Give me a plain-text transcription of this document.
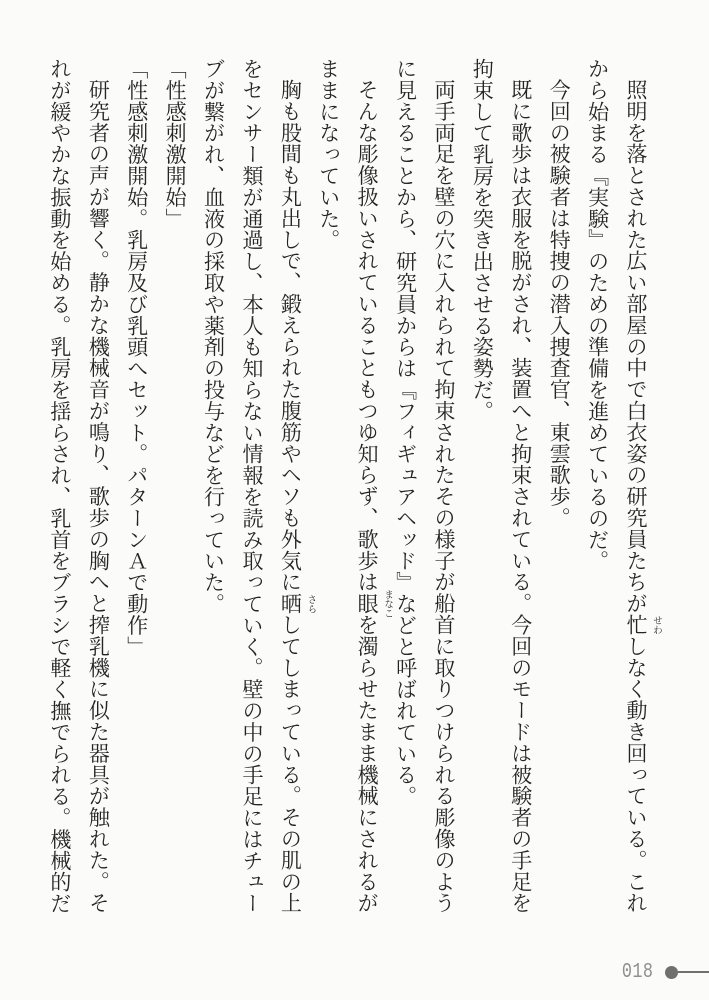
照明を落とされた広い部屋の中で白衣姿の研究員たちが忙 せわ
しなく動き回っている。これ
から始まる『実験』のための準備を進めているのだ。
今回の被験者は特捜の潜入捜査官、東雲歌歩。
既に歌歩は衣服を脱がされ、装置へと拘束されている。今回のモードは被験者の手足を
拘束して乳房を突き出させる姿勢だ。
両手両足を壁の穴に入れられて拘束されたその様子が船首に取りつけられる彫像のよう
に見えることから、研究員からは『フィギュアヘッド』などと呼ばれている。
そんな彫像扱いされていることもつゆ知らず、歌歩は眼 まなこ
を濁らせたまま機械にされるが
ままになっていた。
胸も股間も丸出しで、鍛えられた腹筋やヘソも外気に晒 さら
してしまっている。その肌の上
をセンサー類が通過し、本人も知らない情報を読み取っていく。壁の中の手足にはチュー
ブが繋がれ、血液の採取や薬剤の投与などを行っていた。
「性感刺激開始」
「性感刺激開始。乳房及び乳頭へセット。パターンＡで動作」
研究者の声が響く。静かな機械音が鳴り、歌歩の胸へと搾乳機に似た器具が触れた。そ
れが緩やかな振動を始める。乳房を揺らされ、乳首をブラシで軽く撫でられる。機械的だ
018
